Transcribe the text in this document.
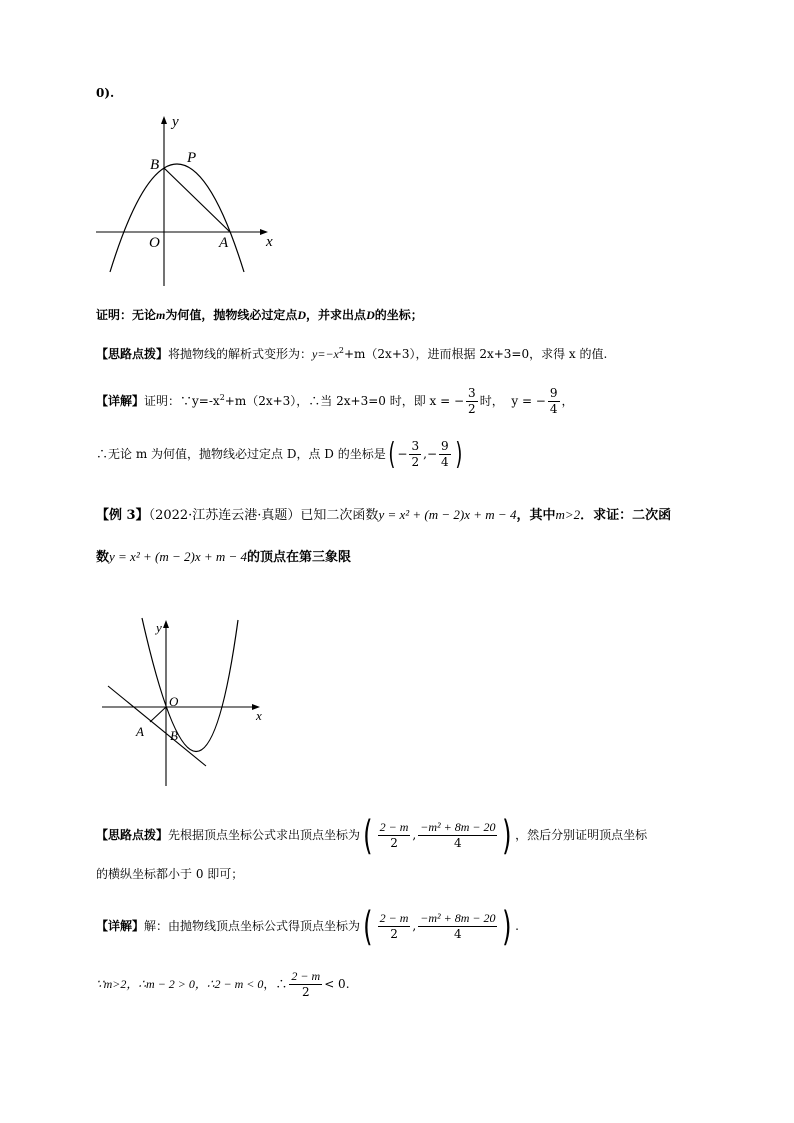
0).
y
x
B P
O	A
证明：无论m为何值，抛物线必过定点D，并求出点D的坐标；
【思路点拨】将抛物线的解析式变形为：$y=-x^2+m(2x+3)$，进而根据 2x+3=0，求得 x 的值.
【详解】证明：$\because y=-x^2+m(2x+3)$，∴当 2x+3=0 时，即 x = − $\frac{3}{2}$ 时， y = − $\frac{9}{4}$ ，
∴无论 m 为何值，抛物线必过定点 D，点 D 的坐标是( − $\frac{3}{2}$ ,− $\frac{9}{4}$ )
【例 3】（2022·江苏连云港·真题）已知二次函数y = x² + (m − 2)x + m − 4，其中m>2．求证：二次函
数y = x² + (m − 2)x + m − 4的顶点在第三象限
y
x
O
A B
【思路点拨】先根据顶点坐标公式求出顶点坐标为( $\frac{2 - m}{2}$ , $\frac{\text{−m² + 8m − 20}}{4}$ ) ，然后分别证明顶点坐标
的横纵坐标都小于 0 即可；
【详解】解：由抛物线顶点坐标公式得顶点坐标为( $\frac{2 - m}{2}$ , $\frac{\text{−m² + 8m − 20}}{4}$ ) .
∵m>2，∴m − 2 > 0，∴2 − m < 0，∴ $\frac{2 - m}{2} < 0$.
